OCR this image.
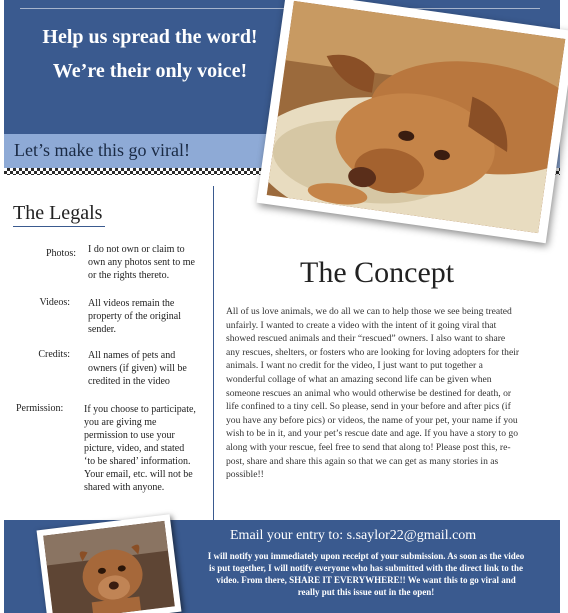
Help us spread the word!
We’re their only voice!
Let’s make this go viral!
The Legals
Photos: I do not own or claim to
own any photos sent to me
or the rights thereto.
Videos: All videos remain the
property of the original
sender.
Credits: All names of pets and
owners (if given) will be
credited in the video
Permission:	If you choose to participate,
you are giving me
permission to use your
picture, video, and stated
‘to be shared’ information.
Your email, etc. will not be
shared with anyone.
The Concept
All of us love animals, we do all we can to help those we see being treated
unfairly. I wanted to create a video with the intent of it going viral that
showed rescued animals and their “rescued” owners. I also want to share
any rescues, shelters, or fosters who are looking for loving adopters for their
animals. I want no credit for the video, I just want to put together a
wonderful collage of what an amazing second life can be given when
someone rescues an animal who would otherwise be destined for death, or
life confined to a tiny cell. So please, send in your before and after pics (if
you have any before pics) or videos, the name of your pet, your name if you
wish to be in it, and your pet’s rescue date and age. If you have a story to go
along with your rescue, feel free to send that along to! Please post this, re-
post, share and share this again so that we can get as many stories in as
possible!!
Email your entry to: s.saylor22@gmail.com
I will notify you immediately upon receipt of your submission. As soon as the video
is put together, I will notify everyone who has submitted with the direct link to the
video. From there, SHARE IT EVERYWHERE!! We want this to go viral and
really put this issue out in the open!
